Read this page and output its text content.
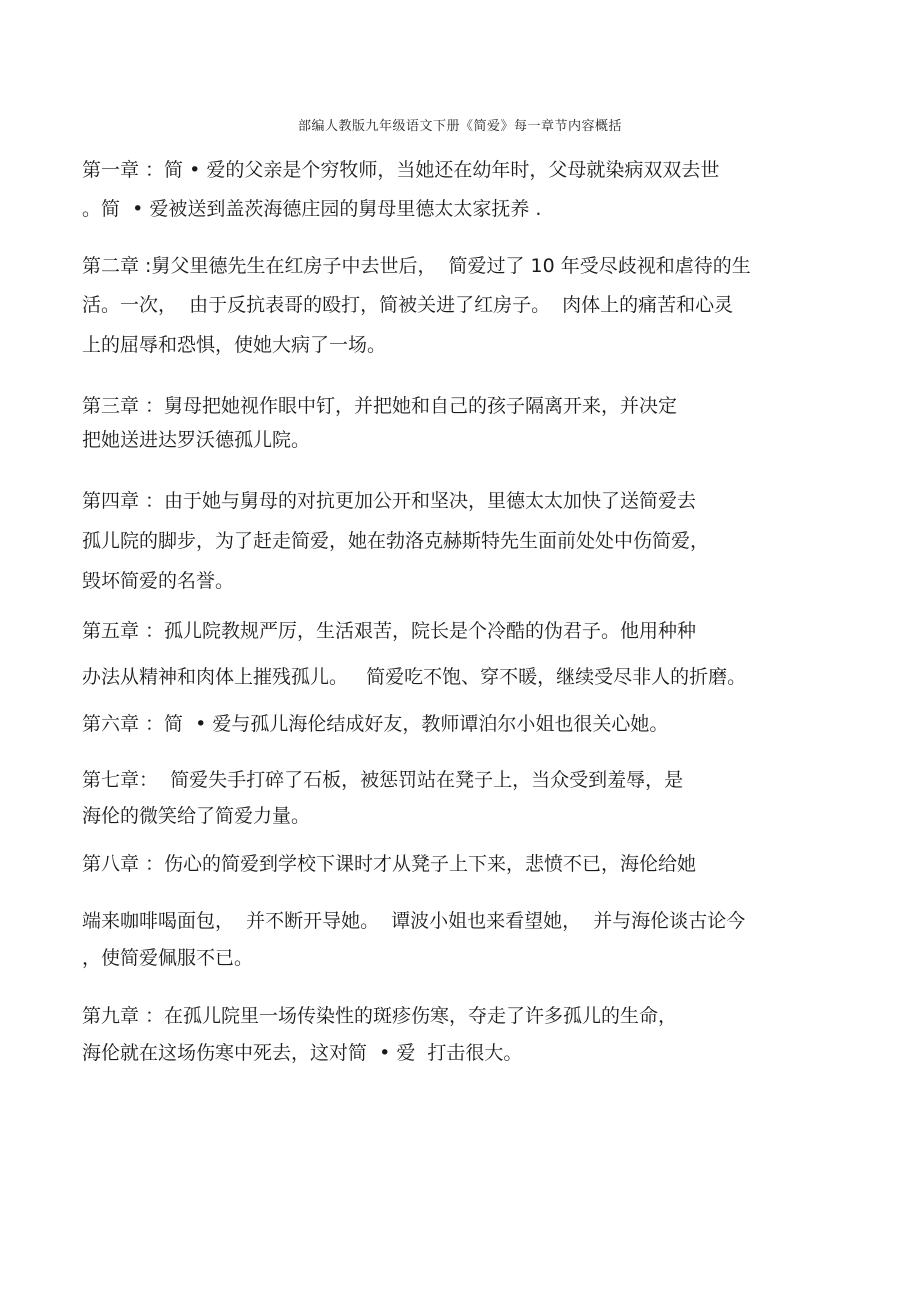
部编人教版九年级语文下册《简爱》每一章节内容概括
第一章 ：简 • 爱的父亲是个穷牧师，当她还在幼年时，父母就染病双双去世
。简  • 爱被送到盖茨海德庄园的舅母里德太太家抚养 .
第二章 :舅父里德先生在红房子中去世后，  简爱过了 10 年受尽歧视和虐待的生
活。一次，  由于反抗表哥的殴打，简被关进了红房子。  肉体上的痛苦和心灵
上的屈辱和恐惧，使她大病了一场。
第三章 ：舅母把她视作眼中钉，并把她和自己的孩子隔离开来，并决定
把她送进达罗沃德孤儿院。
第四章 ：由于她与舅母的对抗更加公开和坚决，里德太太加快了送简爱去
孤儿院的脚步，为了赶走简爱，她在勃洛克赫斯特先生面前处处中伤简爱，
毁坏简爱的名誉。
第五章 ：孤儿院教规严厉，生活艰苦，院长是个冷酷的伪君子。他用种种
办法从精神和肉体上摧残孤儿。   简爱吃不饱、穿不暖，继续受尽非人的折磨。
第六章 ：简  • 爱与孤儿海伦结成好友，教师谭泊尔小姐也很关心她。
第七章：  简爱失手打碎了石板，被惩罚站在凳子上，当众受到羞辱，是
海伦的微笑给了简爱力量。
第八章 ：伤心的简爱到学校下课时才从凳子上下来，悲愤不已，海伦给她
端来咖啡喝面包，  并不断开导她。  谭波小姐也来看望她，  并与海伦谈古论今
，使简爱佩服不已。
第九章 ：在孤儿院里一场传染性的斑疹伤寒，夺走了许多孤儿的生命，
海伦就在这场伤寒中死去，这对简  • 爱  打击很大。
